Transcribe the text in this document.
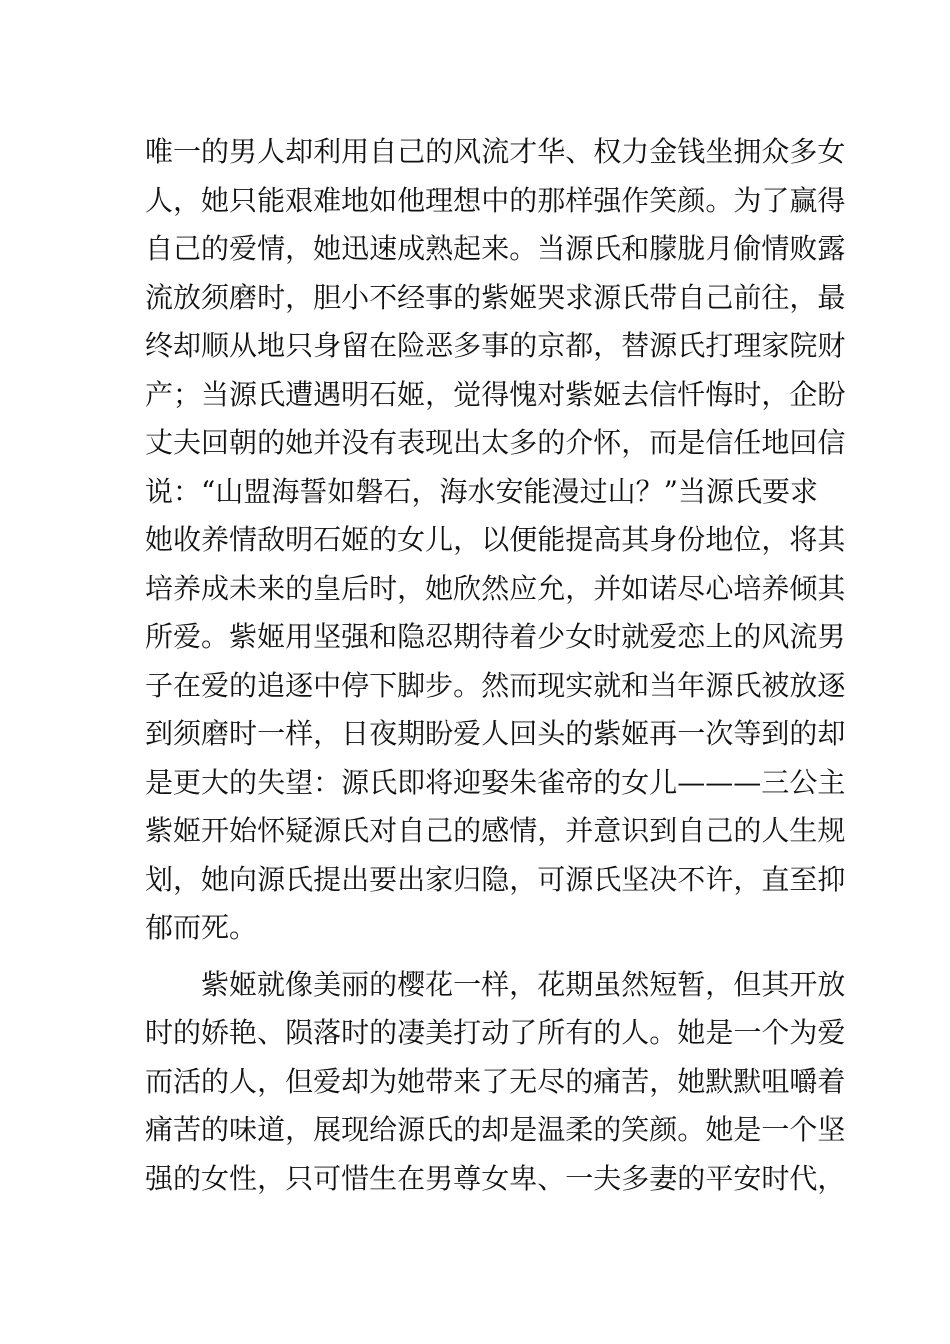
唯 一 的 男 人 却 利 用 自 己 的 风 流 才 华 、 权 力 金 钱 坐 拥 众 多 女
人 ， 她 只 能 艰 难 地 如 他 理 想 中 的 那 样 强 作 笑 颜 。 为 了 赢 得
自 己 的 爱 情 ， 她 迅 速 成 熟 起 来 。 当 源 氏 和 朦 胧 月 偷 情 败 露
流 放 须 磨 时 ， 胆 小 不 经 事 的 紫 姬 哭 求 源 氏 带 自 己 前 往 ， 最
终 却 顺 从 地 只 身 留 在 险 恶 多 事 的 京 都 ， 替 源 氏 打 理 家 院 财
产 ； 当 源 氏 遭 遇 明 石 姬 ， 觉 得 愧 对 紫 姬 去 信 忏 悔 时 ， 企 盼
丈 夫 回 朝 的 她 并 没 有 表 现 出 太 多 的 介 怀 ， 而 是 信 任 地 回 信
说 ： “ 山 盟 海 誓 如 磐 石 ， 海 水 安 能 漫 过 山 ？ ” 当 源 氏 要 求
她 收 养 情 敌 明 石 姬 的 女 儿 ， 以 便 能 提 高 其 身 份 地 位 ， 将 其
培 养 成 未 来 的 皇 后 时 ， 她 欣 然 应 允 ， 并 如 诺 尽 心 培 养 倾 其
所 爱 。 紫 姬 用 坚 强 和 隐 忍 期 待 着 少 女 时 就 爱 恋 上 的 风 流 男
子 在 爱 的 追 逐 中 停 下 脚 步 。 然 而 现 实 就 和 当 年 源 氏 被 放 逐
到 须 磨 时 一 样 ， 日 夜 期 盼 爱 人 回 头 的 紫 姬 再 一 次 等 到 的 却
是 更 大 的 失 望 ： 源 氏 即 将 迎 娶 朱 雀 帝 的 女 儿 — — — 三 公 主
紫 姬 开 始 怀 疑 源 氏 对 自 己 的 感 情 ， 并 意 识 到 自 己 的 人 生 规
划 ， 她 向 源 氏 提 出 要 出 家 归 隐 ， 可 源 氏 坚 决 不 许 ， 直 至 抑
郁而死。
紫 姬 就 像 美 丽 的 樱 花 一 样 ， 花 期 虽 然 短 暂 ， 但 其 开 放
时 的 娇 艳 、 陨 落 时 的 凄 美 打 动 了 所 有 的 人 。 她 是 一 个 为 爱
而 活 的 人 ， 但 爱 却 为 她 带 来 了 无 尽 的 痛 苦 ， 她 默 默 咀 嚼 着
痛 苦 的 味 道 ， 展 现 给 源 氏 的 却 是 温 柔 的 笑 颜 。 她 是 一 个 坚
强 的 女 性 ， 只 可 惜 生 在 男 尊 女 卑 、 一 夫 多 妻 的 平 安 时 代 ，
